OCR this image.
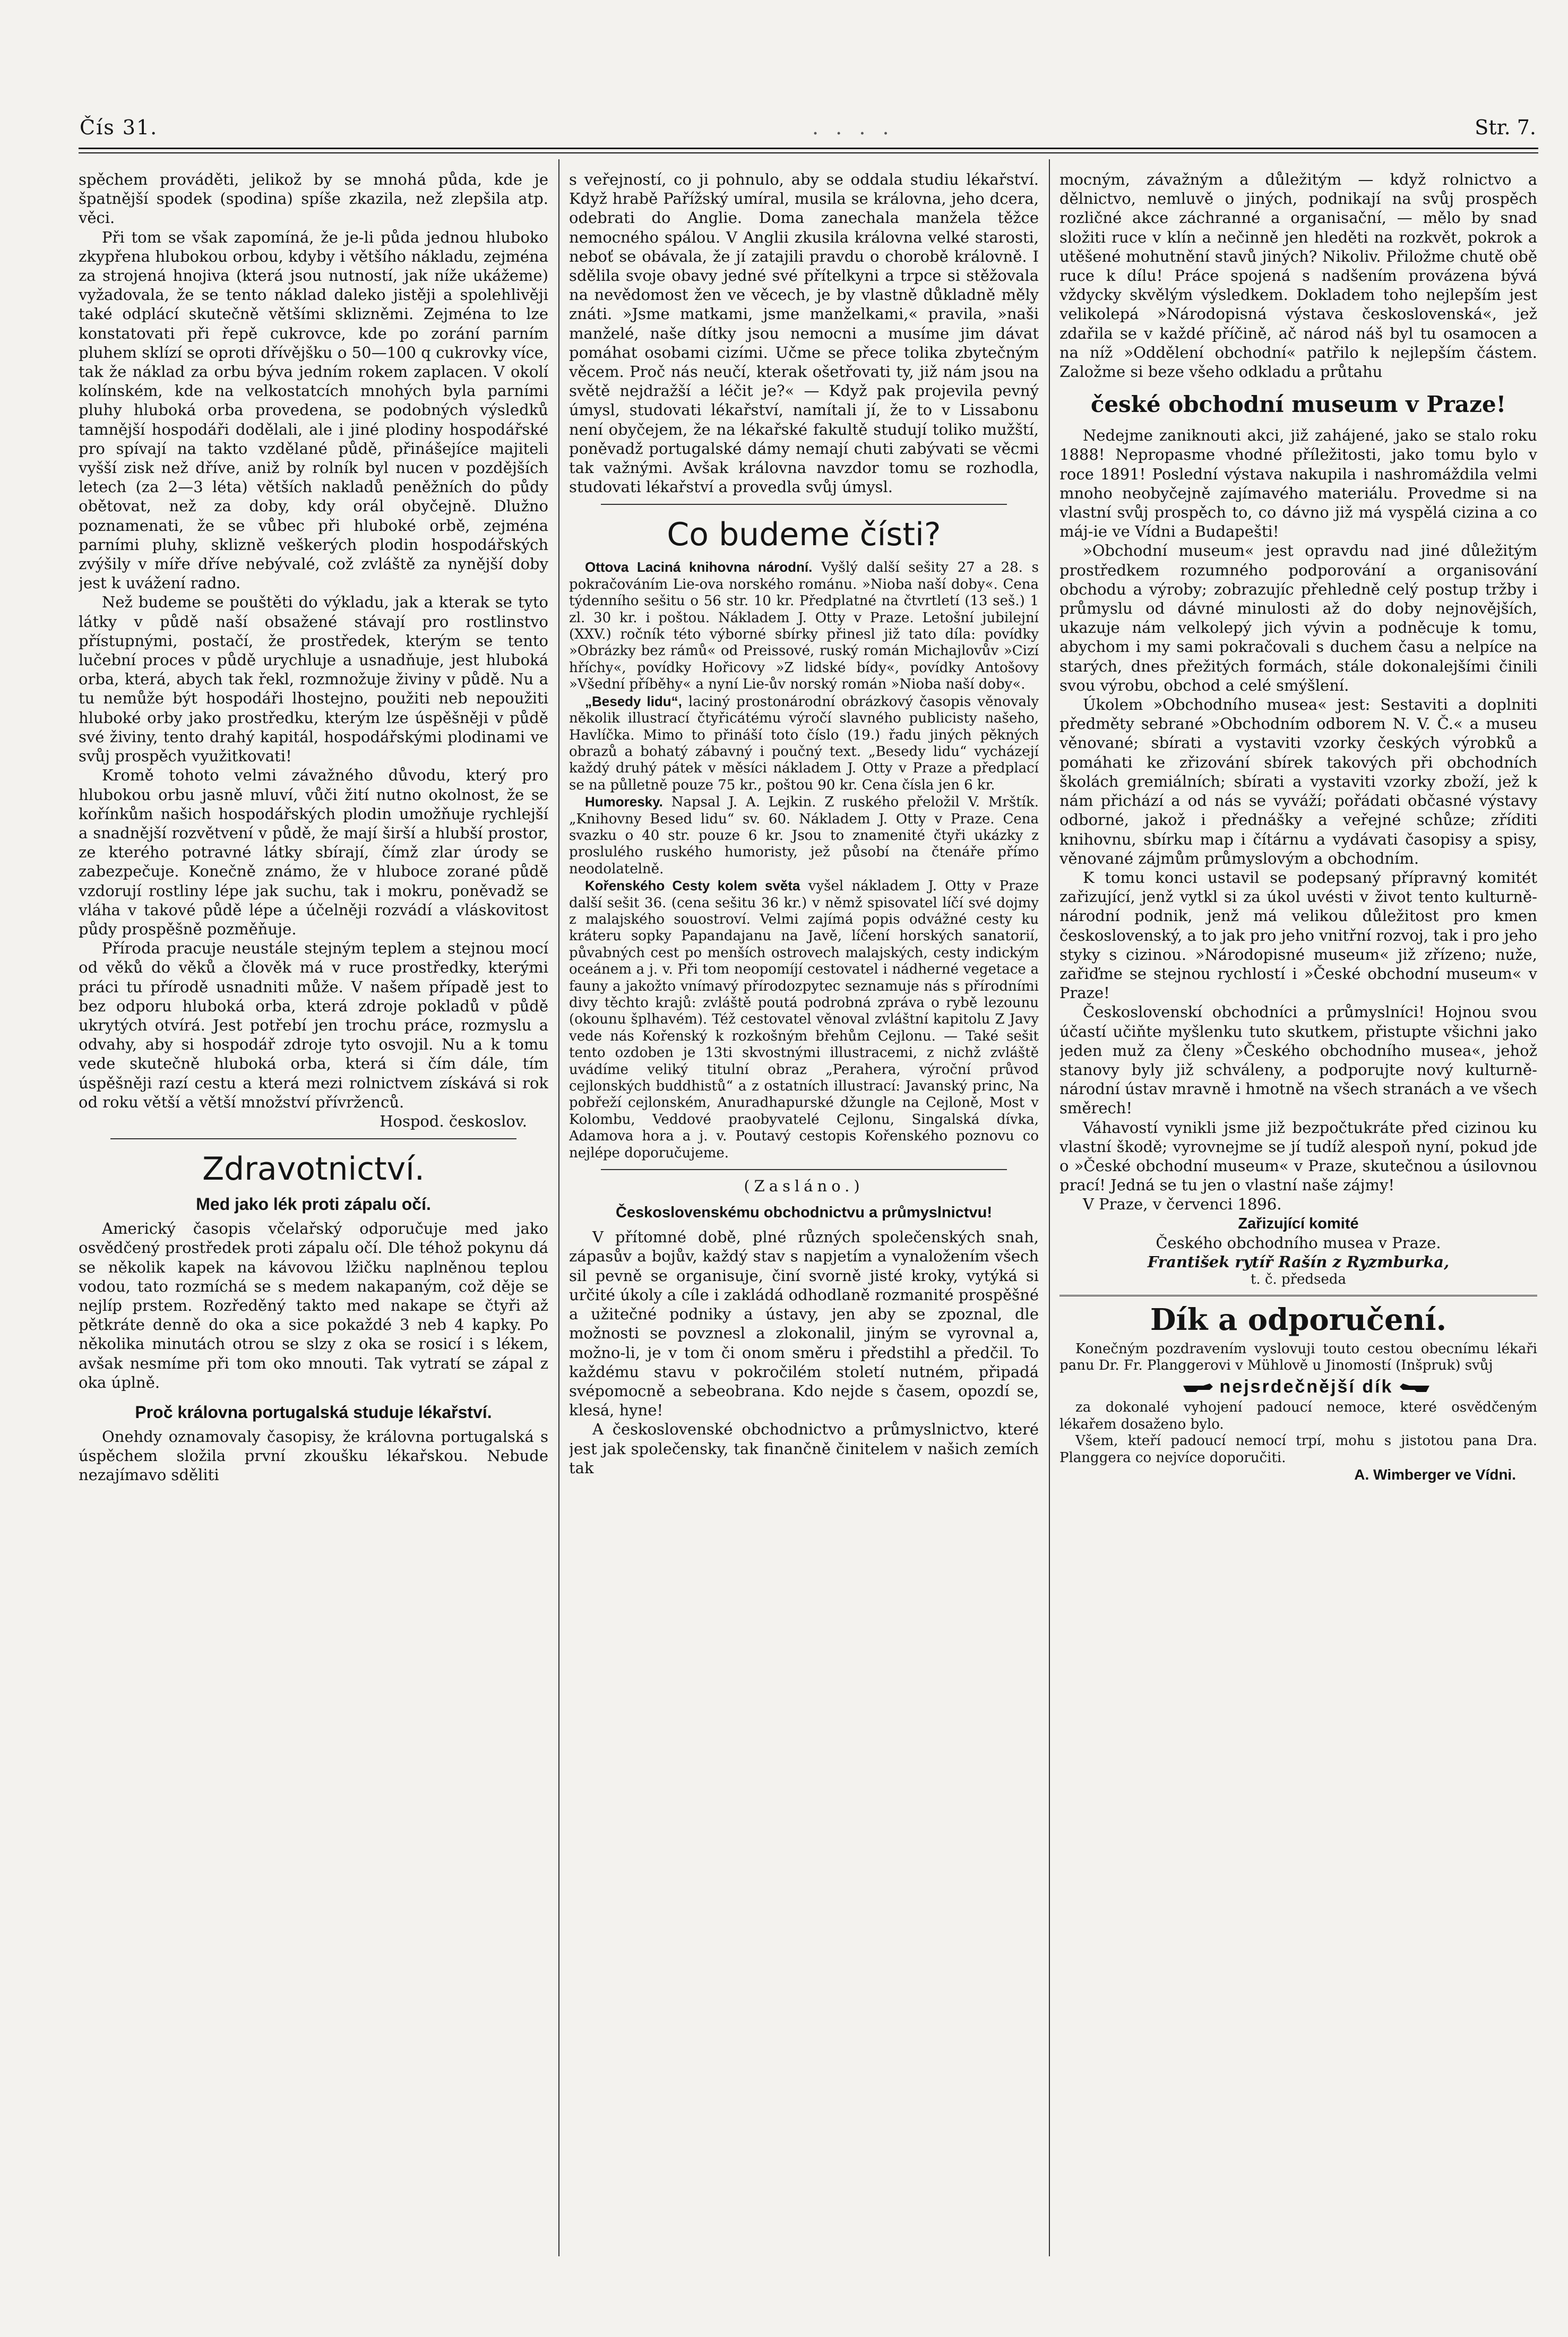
Čís 31.	. . . .	Str. 7.

spěchem prováděti, jelikož by se mnohá půda, kde je špatnější spodek (spodina) spíše zkazila, než zlepšila atp. věci.

Při tom se však zapomíná, že je-li půda jednou hluboko zkypřena hlubokou orbou, kdyby i většího nákladu, zejména za strojená hnojiva (která jsou nutností, jak níže ukážeme) vyžadovala, že se tento náklad daleko jistěji a spolehlivěji také odplácí skutečně většími sklizněmi. Zejména to lze konstatovati při řepě cukrovce, kde po zorání parním pluhem sklízí se oproti dřívějšku o 50—100 q cukrovky více, tak že náklad za orbu býva jedním rokem zaplacen. V okolí kolínském, kde na velkostatcích mnohých byla parními pluhy hluboká orba provedena, se podobných výsledků tamnější hospodáři dodělali, ale i jiné plodiny hospodářské pro spívají na takto vzdělané půdě, přinášejíce majiteli vyšší zisk než dříve, aniž by rolník byl nucen v pozdějších letech (za 2—3 léta) větších nakladů peněžních do půdy obětovat, než za doby, kdy orál obyčejně. Dlužno poznamenati, že se vůbec při hluboké orbě, zejména parními pluhy, sklizně veškerých plodin hospodářských zvýšily v míře dříve nebývalé, což zvláště za nynější doby jest k uvážení radno.

Než budeme se pouštěti do výkladu, jak a kterak se tyto látky v půdě naší obsažené stávají pro rostlinstvo přístupnými, postačí, že prostředek, kterým se tento lučební proces v půdě urychluje a usnadňuje, jest hluboká orba, která, abych tak řekl, rozmnožuje živiny v půdě. Nu a tu nemůže být hospodáři lhostejno, použiti neb nepoužiti hluboké orby jako prostředku, kterým lze úspěšněji v půdě své živiny, tento drahý kapitál, hospodářskými plodinami ve svůj prospěch využitkovati!

Kromě tohoto velmi závažného důvodu, který pro hlubokou orbu jasně mluví, vůči žití nutno okolnost, že se kořínkům našich hospodářských plodin umožňuje rychlejší a snadnější rozvětvení v půdě, že mají širší a hlubší prostor, ze kterého potravné látky sbírají, čímž zlar úrody se zabezpečuje. Konečně známo, že v hluboce zorané půdě vzdorují rostliny lépe jak suchu, tak i mokru, poněvadž se vláha v takové půdě lépe a účelněji rozvádí a vláskovitost půdy prospěšně pozměňuje.

Příroda pracuje neustále stejným teplem a stejnou mocí od věků do věků a člověk má v ruce prostředky, kterými práci tu přírodě usnadniti může. V našem případě jest to bez odporu hluboká orba, která zdroje pokladů v půdě ukrytých otvírá. Jest potřebí jen trochu práce, rozmyslu a odvahy, aby si hospodář zdroje tyto osvojil. Nu a k tomu vede skutečně hluboká orba, která si čím dále, tím úspěšněji razí cestu a která mezi rolnictvem získává si rok od roku větší a větší množství přívrženců.

Hospod. českoslov.

Zdravotnictví.
Med jako lék proti zápalu očí.

Americký časopis včelařský odporučuje med jako osvědčený prostředek proti zápalu očí. Dle téhož pokynu dá se několik kapek na kávovou lžičku naplněnou teplou vodou, tato rozmíchá se s medem nakapaným, což děje se nejlíp prstem. Rozředěný takto med nakape se čtyři až pětkráte denně do oka a sice pokaždé 3 neb 4 kapky. Po několika minutách otrou se slzy z oka se rosicí i s lékem, avšak nesmíme při tom oko mnouti. Tak vytratí se zápal z oka úplně.

Proč královna portugalská studuje lékařství.

Onehdy oznamovaly časopisy, že královna portugalská s úspěchem složila první zkoušku lékařskou. Nebude nezajímavo sděliti

s veřejností, co ji pohnulo, aby se oddala studiu lékařství. Když hrabě Pařížský umíral, musila se královna, jeho dcera, odebrati do Anglie. Doma zanechala manžela těžce nemocného spálou. V Anglii zkusila královna velké starosti, neboť se obávala, že jí zatajili pravdu o chorobě královně. I sdělila svoje obavy jedné své přítelkyni a trpce si stěžovala na nevědomost žen ve věcech, je by vlastně důkladně měly znáti. »Jsme matkami, jsme manželkami,« pravila, »naši manželé, naše dítky jsou nemocni a musíme jim dávat pomáhat osobami cizími. Učme se přece tolika zbytečným věcem. Proč nás neučí, kterak ošetřovati ty, již nám jsou na světě nejdražší a léčit je?« — Když pak projevila pevný úmysl, studovati lékařství, namítali jí, že to v Lissabonu není obyčejem, že na lékařské fakultě studují toliko mužští, poněvadž portugalské dámy nemají chuti zabývati se věcmi tak važnými. Avšak královna navzdor tomu se rozhodla, studovati lékařství a provedla svůj úmysl.

Co budeme čísti?

Ottova Laciná knihovna národní. Vyšlý další sešity 27 a 28. s pokračováním Lie-ova norského románu. »Nioba naší doby«. Cena týdenního sešitu o 56 str. 10 kr. Předplatné na čtvrtletí (13 seš.) 1 zl. 30 kr. i poštou. Nákladem J. Otty v Praze. Letošní jubilejní (XXV.) ročník této výborné sbírky přinesl již tato díla: povídky »Obrázky bez rámů« od Preissové, ruský román Michajlovův »Cizí hříchy«, povídky Hořicovy »Z lidské bídy«, povídky Antošovy »Všední příběhy« a nyní Lie-ův norský román »Nioba naší doby«.

„Besedy lidu“, laciný prostonárodní obrázkový časopis věnovaly několik illustrací čtyřicátému výročí slavného publicisty našeho, Havlíčka. Mimo to přináší toto číslo (19.) řadu jiných pěkných obrazů a bohatý zábavný i poučný text. „Besedy lidu“ vycházejí každý druhý pátek v měsíci nákladem J. Otty v Praze a předplací se na půlletně pouze 75 kr., poštou 90 kr. Cena čísla jen 6 kr.

Humoresky. Napsal J. A. Lejkin. Z ruského přeložil V. Mrštík. „Knihovny Besed lidu“ sv. 60. Nákladem J. Otty v Praze. Cena svazku o 40 str. pouze 6 kr. Jsou to znamenité čtyři ukázky z proslulého ruského humoristy, jež působí na čtenáře přímo neodolatelně.

Kořenského Cesty kolem světa vyšel nákladem J. Otty v Praze další sešit 36. (cena sešitu 36 kr.) v němž spisovatel líčí své dojmy z malajského souostroví. Velmi zajímá popis odvážné cesty ku kráteru sopky Papandajanu na Javě, líčení horských sanatorií, půvabných cest po menších ostrovech malajských, cesty indickým oceánem a j. v. Při tom neopomíjí cestovatel i nádherné vegetace a fauny a jakožto vnímavý přírodozpytec seznamuje nás s přírodními divy těchto krajů: zvláště poutá podrobná zpráva o rybě lezounu (okounu šplhavém). Též cestovatel věnoval zvláštní kapitolu Z Javy vede nás Kořenský k rozkošným břehům Cejlonu. — Také sešit tento ozdoben je 13ti skvostnými illustracemi, z nichž zvláště uvádíme veliký titulní obraz „Perahera, výroční průvod cejlonských buddhistů“ a z ostatních illustrací: Javanský princ, Na pobřeží cejlonském, Anuradhapurské džungle na Cejloně, Most v Kolombu, Veddové praobyvatelé Cejlonu, Singalská dívka, Adamova hora a j. v. Poutavý cestopis Kořenského poznovu co nejlépe doporučujeme.

(Zasláno.)
Československému obchodnictvu a průmyslnictvu!

V přítomné době, plné různých společenských snah, zápasův a bojův, každý stav s napjetím a vynaložením všech sil pevně se organisuje, činí svorně jisté kroky, vytýká si určité úkoly a cíle i zakládá odhodlaně rozmanité prospěšné a užitečné podniky a ústavy, jen aby se zpoznal, dle možnosti se povznesl a zlokonalil, jiným se vyrovnal a, možno-li, je v tom či onom směru i předstihl a předčil. To každému stavu v pokročilém století nutném, připadá svépomocně a sebeobrana. Kdo nejde s časem, opozdí se, klesá, hyne!

A československé obchodnictvo a průmyslnictvo, které jest jak společensky, tak finančně činitelem v našich zemích tak

mocným, závažným a důležitým — když rolnictvo a dělnictvo, nemluvě o jiných, podnikají na svůj prospěch rozličné akce záchranné a organisační, — mělo by snad složiti ruce v klín a nečinně jen hleděti na rozkvět, pokrok a utěšené mohutnění stavů jiných? Nikoliv. Přiložme chutě obě ruce k dílu! Práce spojená s nadšením provázena bývá vždycky skvělým výsledkem. Dokladem toho nejlepším jest velikolepá »Národopisná výstava československá«, jež zdařila se v každé příčině, ač národ náš byl tu osamocen a na níž »Oddělení obchodní« patřilo k nejlepším částem. Založme si beze všeho odkladu a průtahu

české obchodní museum v Praze!

Nedejme zaniknouti akci, již zahájené, jako se stalo roku 1888! Nepropasme vhodné příležitosti, jako tomu bylo v roce 1891! Poslední výstava nakupila i nashromáždila velmi mnoho neobyčejně zajímavého materiálu. Provedme si na vlastní svůj prospěch to, co dávno již má vyspělá cizina a co máj-ie ve Vídni a Budapešti!

»Obchodní museum« jest opravdu nad jiné důležitým prostředkem rozumného podporování a organisování obchodu a výroby; zobrazujíc přehledně celý postup tržby i průmyslu od dávné minulosti až do doby nejnovějších, ukazuje nám velkolepý jich vývin a podněcuje k tomu, abychom i my sami pokračovali s duchem času a nelpíce na starých, dnes přežitých formách, stále dokonalejšími činili svou výrobu, obchod a celé smýšlení.

Úkolem »Obchodního musea« jest: Sestaviti a doplniti předměty sebrané »Obchodním odborem N. V. Č.« a museu věnované; sbírati a vystaviti vzorky českých výrobků a pomáhati ke zřizování sbírek takových při obchodních školách gremiálních; sbírati a vystaviti vzorky zboží, jež k nám přichází a od nás se vyváží; pořádati občasné výstavy odborné, jakož i přednášky a veřejné schůze; zříditi knihovnu, sbírku map i čítárnu a vydávati časopisy a spisy, věnované zájmům průmyslovým a obchodním.

K tomu konci ustavil se podepsaný přípravný komitét zařizující, jenž vytkl si za úkol uvésti v život tento kulturně-národní podnik, jenž má velikou důležitost pro kmen československý, a to jak pro jeho vnitřní rozvoj, tak i pro jeho styky s cizinou. »Národopisné museum« již zřízeno; nuže, zařiďme se stejnou rychlostí i »České obchodní museum« v Praze!

Československí obchodníci a průmyslníci! Hojnou svou účastí učiňte myšlenku tuto skutkem, přistupte všichni jako jeden muž za členy »Českého obchodního musea«, jehož stanovy byly již schváleny, a podporujte nový kulturně-národní ústav mravně i hmotně na všech stranách a ve všech směrech!

Váhavostí vynikli jsme již bezpočtukráte před cizinou ku vlastní škodě; vyrovnejme se jí tudíž alespoň nyní, pokud jde o »České obchodní museum« v Praze, skutečnou a úsilovnou prací! Jedná se tu jen o vlastní naše zájmy!

V Praze, v červenci 1896.

Zařizující komité

Českého obchodního musea v Praze.

František rytíř Rašín z Ryzmburka,

t. č. předseda

Dík a odporučení.

Konečným pozdravením vyslovuji touto cestou obecnímu lékaři panu Dr. Fr. Planggerovi v Mühlově u Jinomostí (Inšpruk) svůj

nejsrdečnější dík

za dokonalé vyhojení padoucí nemoce, které osvědčeným lékařem dosaženo bylo.

Všem, kteří padoucí nemocí trpí, mohu s jistotou pana Dra. Planggera co nejvíce doporučiti.

A. Wimberger ve Vídni.
